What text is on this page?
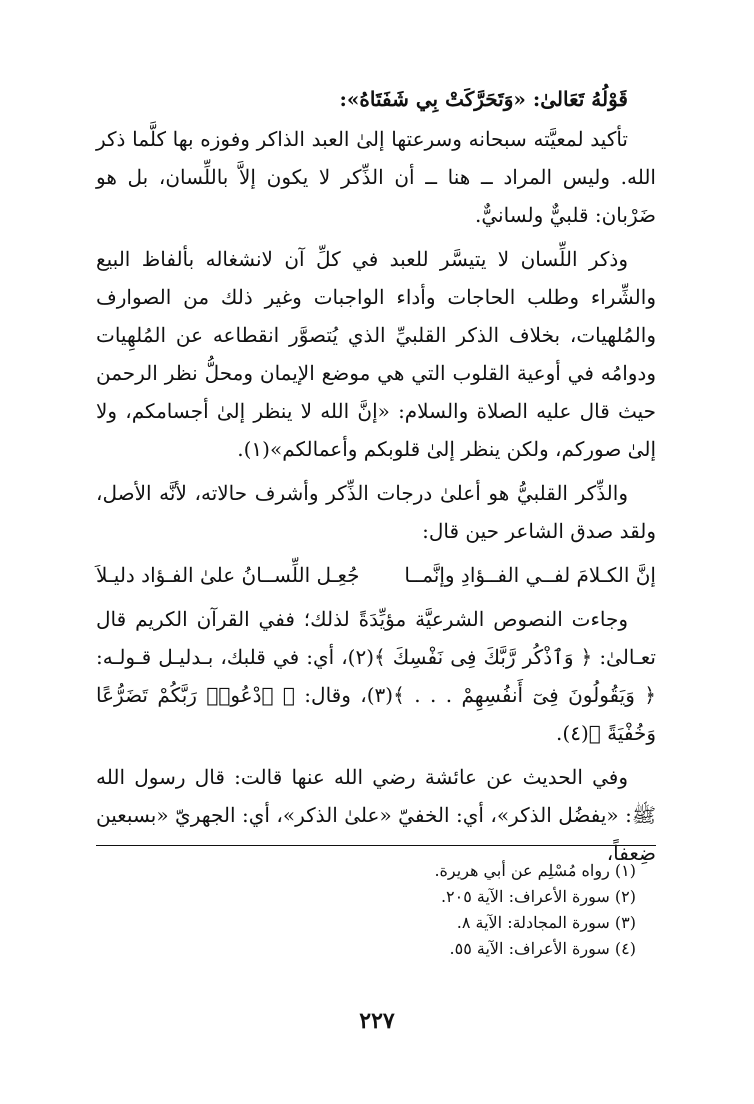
قَوْلُهُ تَعَالىٰ: «وَتَحَرَّكَتْ بِي شَفَتَاهُ»:

تأكيد لمعيَّته سبحانه وسرعتها إلىٰ العبد الذاكر وفوزه بها كلَّما ذكر الله. وليس المراد ــ هنا ــ أن الذِّكر لا يكون إلاَّ باللِّسان، بل هو ضَرْبان: قلبيٌّ ولسانيٌّ.

وذكر اللِّسان لا يتيسَّر للعبد في كلِّ آن لانشغاله بألفاظ البيع والشِّراء وطلب الحاجات وأداء الواجبات وغير ذلك من الصوارف والمُلهيات، بخلاف الذكر القلبيِّ الذي يُتصوَّر انقطاعه عن المُلهِيات ودوامُه في أوعية القلوب التي هي موضع الإيمان ومحلُّ نظر الرحمن حيث قال عليه الصلاة والسلام: «إنَّ الله لا ينظر إلىٰ أجسامكم، ولا إلىٰ صوركم، ولكن ينظر إلىٰ قلوبكم وأعمالكم»(١).

والذِّكر القلبيُّ هو أعلىٰ درجات الذِّكر وأشرف حالاته، لأنَّه الأصل، ولقد صدق الشاعر حين قال:

إنَّ الكـلامَ لفــي الفــؤادِ وإنَّمــا
جُعِـل اللِّســانُ علىٰ الفـؤاد دليـلاَ

وجاءت النصوص الشرعيَّة مؤيِّدَةً لذلك؛ ففي القرآن الكريم قال تعـالىٰ: ﴿ وَٱذْكُر رَّبَّكَ فِى نَفْسِكَ ﴾(٢)، أي: في قلبك، بـدليـل قـولـه: ﴿ وَيَقُولُونَ فِىٓ أَنفُسِهِمْ . . . ﴾(٣)، وقال: ﴿ ٱدْعُوا۟ رَبَّكُمْ تَضَرُّعًا وَخُفْيَةً ﴾(٤).

وفي الحديث عن عائشة رضي الله عنها قالت: قال رسول الله ﷺ: «يفضُل الذكر»، أي: الخفيّ «علىٰ الذكر»، أي: الجهريّ «بسبعين ضِعفاً،

(١) رواه مُسْلِم عن أبي هريرة.
(٢) سورة الأعراف: الآية ٢٠٥.
(٣) سورة المجادلة: الآية ٨.
(٤) سورة الأعراف: الآية ٥٥.
٢٢٧
